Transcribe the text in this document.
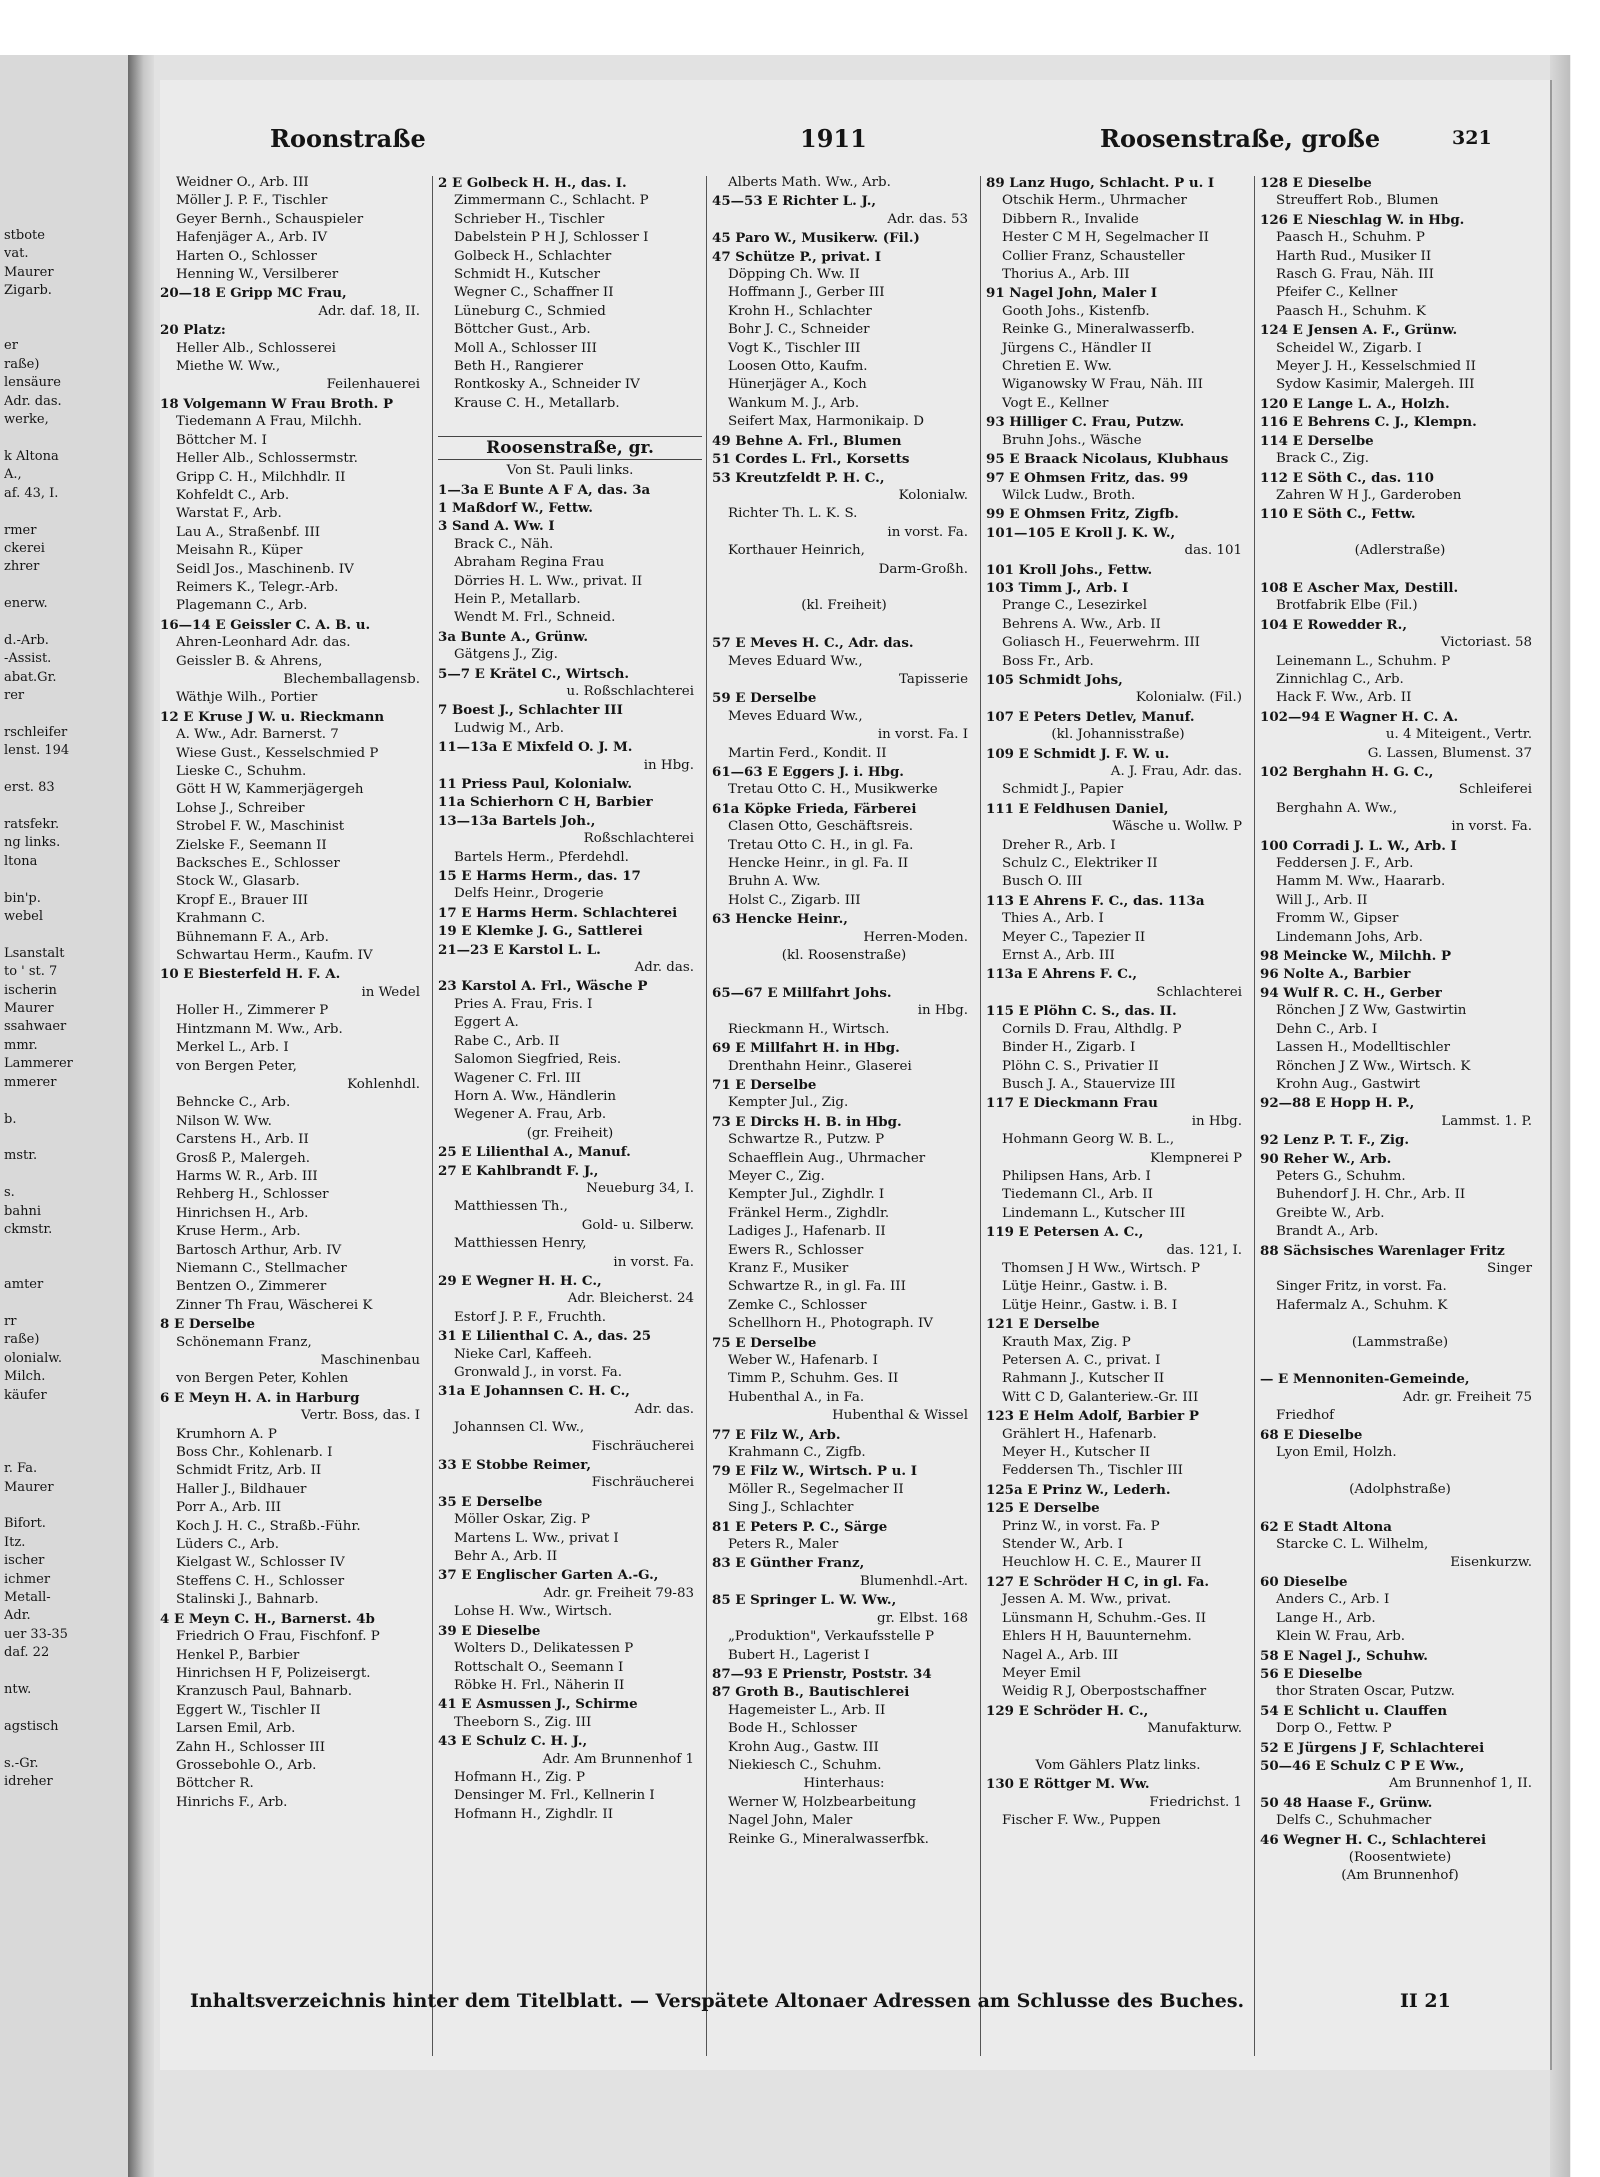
stbote
vat.
Maurer
Zigarb.

er
raße)
lensäure
Adr. das.
werke,

k Altona
A.,
af. 43, I.

rmer
ckerei
zhrer

enerw.

d.-Arb.
-Assist.
abat.Gr.
rer

rschleifer
lenst. 194

erst. 83

ratsfekr.
ng links.
ltona

bin'p.
webel

Lsanstalt
to ' st. 7
ischerin
Maurer
ssahwaer
mmr.
Lammerer
mmerer

b.

mstr.

s.
bahni
ckmstr.

amter

rr
raße)
olonialw.
Milch.
käufer

r. Fa.
Maurer

Bifort.
Itz.
ischer
ichmer
Metall-
Adr.
uer 33-35
daf. 22

ntw.

agstisch

s.-Gr.
idreher

Roonstraße	1911	Roosenstraße, große	321
Weidner O., Arb. III
Möller J. P. F., Tischler
Geyer Bernh., Schauspieler
Hafenjäger A., Arb. IV
Harten O., Schlosser
Henning W., Versilberer
20—18 E Gripp MC Frau,
Adr. daf. 18, II.
20 Platz:
Heller Alb., Schlosserei
Miethe W. Ww.,
Feilenhauerei
18 Volgemann W Frau Broth. P
Tiedemann A Frau, Milchh.
Böttcher M. I
Heller Alb., Schlossermstr.
Gripp C. H., Milchhdlr. II
Kohfeldt C., Arb.
Warstat F., Arb.
Lau A., Straßenbf. III
Meisahn R., Küper
Seidl Jos., Maschinenb. IV
Reimers K., Telegr.-Arb.
Plagemann C., Arb.
16—14 E Geissler C. A. B. u.
Ahren-Leonhard Adr. das.
Geissler B. & Ahrens,
Blechemballagensb.
Wäthje Wilh., Portier
12 E Kruse J W. u. Rieckmann
A. Ww., Adr. Barnerst. 7
Wiese Gust., Kesselschmied P
Lieske C., Schuhm.
Gött H W, Kammerjägergeh
Lohse J., Schreiber
Strobel F. W., Maschinist
Zielske F., Seemann II
Backsches E., Schlosser
Stock W., Glasarb.
Kropf E., Brauer III
Krahmann C.
Bühnemann F. A., Arb.
Schwartau Herm., Kaufm. IV
10 E Biesterfeld H. F. A.
in Wedel
Holler H., Zimmerer P
Hintzmann M. Ww., Arb.
Merkel L., Arb. I
von Bergen Peter,
Kohlenhdl.
Behncke C., Arb.
Nilson W. Ww.
Carstens H., Arb. II
Grosß P., Malergeh.
Harms W. R., Arb. III
Rehberg H., Schlosser
Hinrichsen H., Arb.
Kruse Herm., Arb.
Bartosch Arthur, Arb. IV
Niemann C., Stellmacher
Bentzen O., Zimmerer
Zinner Th Frau, Wäscherei K
8 E Derselbe
Schönemann Franz,
Maschinenbau
von Bergen Peter, Kohlen
6 E Meyn H. A. in Harburg
Vertr. Boss, das. I
Krumhorn A. P
Boss Chr., Kohlenarb. I
Schmidt Fritz, Arb. II
Haller J., Bildhauer
Porr A., Arb. III
Koch J. H. C., Straßb.-Führ.
Lüders C., Arb.
Kielgast W., Schlosser IV
Steffens C. H., Schlosser
Stalinski J., Bahnarb.
4 E Meyn C. H., Barnerst. 4b
Friedrich O Frau, Fischfonf. P
Henkel P., Barbier
Hinrichsen H F, Polizeisergt.
Kranzusch Paul, Bahnarb.
Eggert W., Tischler II
Larsen Emil, Arb.
Zahn H., Schlosser III
Grossebohle O., Arb.
Böttcher R.
Hinrichs F., Arb.
2 E Golbeck H. H., das. I.
Zimmermann C., Schlacht. P
Schrieber H., Tischler
Dabelstein P H J, Schlosser I
Golbeck H., Schlachter
Schmidt H., Kutscher
Wegner C., Schaffner II
Lüneburg C., Schmied
Böttcher Gust., Arb.
Moll A., Schlosser III
Beth H., Rangierer
Rontkosky A., Schneider IV
Krause C. H., Metallarb.

Roosenstraße, gr.
Von St. Pauli links.
1—3a E Bunte A F A, das. 3a
1 Maßdorf W., Fettw.
3 Sand A. Ww. I
Brack C., Näh.
Abraham Regina Frau
Dörries H. L. Ww., privat. II
Hein P., Metallarb.
Wendt M. Frl., Schneid.
3a Bunte A., Grünw.
Gätgens J., Zig.
5—7 E Krätel C., Wirtsch.
u. Roßschlachterei
7 Boest J., Schlachter III
Ludwig M., Arb.
11—13a E Mixfeld O. J. M.
in Hbg.
11 Priess Paul, Kolonialw.
11a Schierhorn C H, Barbier
13—13a Bartels Joh.,
Roßschlachterei
Bartels Herm., Pferdehdl.
15 E Harms Herm., das. 17
Delfs Heinr., Drogerie
17 E Harms Herm. Schlachterei
19 E Klemke J. G., Sattlerei
21—23 E Karstol L. L.
Adr. das.
23 Karstol A. Frl., Wäsche P
Pries A. Frau, Fris. I
Eggert A.
Rabe C., Arb. II
Salomon Siegfried, Reis.
Wagener C. Frl. III
Horn A. Ww., Händlerin
Wegener A. Frau, Arb.
(gr. Freiheit)
25 E Lilienthal A., Manuf.
27 E Kahlbrandt F. J.,
Neueburg 34, I.
Matthiessen Th.,
Gold- u. Silberw.
Matthiessen Henry,
in vorst. Fa.
29 E Wegner H. H. C.,
Adr. Bleicherst. 24
Estorf J. P. F., Fruchth.
31 E Lilienthal C. A., das. 25
Nieke Carl, Kaffeeh.
Gronwald J., in vorst. Fa.
31a E Johannsen C. H. C.,
Adr. das.
Johannsen Cl. Ww.,
Fischräucherei
33 E Stobbe Reimer,
Fischräucherei
35 E Derselbe
Möller Oskar, Zig. P
Martens L. Ww., privat I
Behr A., Arb. II
37 E Englischer Garten A.-G.,
Adr. gr. Freiheit 79-83
Lohse H. Ww., Wirtsch.
39 E Dieselbe
Wolters D., Delikatessen P
Rottschalt O., Seemann I
Röbke H. Frl., Näherin II
41 E Asmussen J., Schirme
Theeborn S., Zig. III
43 E Schulz C. H. J.,
Adr. Am Brunnenhof 1
Hofmann H., Zig. P
Densinger M. Frl., Kellnerin I
Hofmann H., Zighdlr. II
Alberts Math. Ww., Arb.
45—53 E Richter L. J.,
Adr. das. 53
45 Paro W., Musikerw. (Fil.)
47 Schütze P., privat. I
Döpping Ch. Ww. II
Hoffmann J., Gerber III
Krohn H., Schlachter
Bohr J. C., Schneider
Vogt K., Tischler III
Loosen Otto, Kaufm.
Hünerjäger A., Koch
Wankum M. J., Arb.
Seifert Max, Harmonikaip. D
49 Behne A. Frl., Blumen
51 Cordes L. Frl., Korsetts
53 Kreutzfeldt P. H. C.,
Kolonialw.
Richter Th. L. K. S.
in vorst. Fa.
Korthauer Heinrich,
Darm-Großh.

(kl. Freiheit)

57 E Meves H. C., Adr. das.
Meves Eduard Ww.,
Tapisserie
59 E Derselbe
Meves Eduard Ww.,
in vorst. Fa. I
Martin Ferd., Kondit. II
61—63 E Eggers J. i. Hbg.
Tretau Otto C. H., Musikwerke
61a Köpke Frieda, Färberei
Clasen Otto, Geschäftsreis.
Tretau Otto C. H., in gl. Fa.
Hencke Heinr., in gl. Fa. II
Bruhn A. Ww.
Holst C., Zigarb. III
63 Hencke Heinr.,
Herren-Moden.
(kl. Roosenstraße)

65—67 E Millfahrt Johs.
in Hbg.
Rieckmann H., Wirtsch.
69 E Millfahrt H. in Hbg.
Drenthahn Heinr., Glaserei
71 E Derselbe
Kempter Jul., Zig.
73 E Dircks H. B. in Hbg.
Schwartze R., Putzw. P
Schaefflein Aug., Uhrmacher
Meyer C., Zig.
Kempter Jul., Zighdlr. I
Fränkel Herm., Zighdlr.
Ladiges J., Hafenarb. II
Ewers R., Schlosser
Kranz F., Musiker
Schwartze R., in gl. Fa. III
Zemke C., Schlosser
Schellhorn H., Photograph. IV
75 E Derselbe
Weber W., Hafenarb. I
Timm P., Schuhm. Ges. II
Hubenthal A., in Fa.
Hubenthal & Wissel
77 E Filz W., Arb.
Krahmann C., Zigfb.
79 E Filz W., Wirtsch. P u. I
Möller R., Segelmacher II
Sing J., Schlachter
81 E Peters P. C., Särge
Peters R., Maler
83 E Günther Franz,
Blumenhdl.-Art.
85 E Springer L. W. Ww.,
gr. Elbst. 168
„Produktion", Verkaufsstelle P
Bubert H., Lagerist I
87—93 E Prienstr, Poststr. 34
87 Groth B., Bautischlerei
Hagemeister L., Arb. II
Bode H., Schlosser
Krohn Aug., Gastw. III
Niekiesch C., Schuhm.
Hinterhaus:
Werner W, Holzbearbeitung
Nagel John, Maler
Reinke G., Mineralwasserfbk.
89 Lanz Hugo, Schlacht. P u. I
Otschik Herm., Uhrmacher
Dibbern R., Invalide
Hester C M H, Segelmacher II
Collier Franz, Schausteller
Thorius A., Arb. III
91 Nagel John, Maler I
Gooth Johs., Kistenfb.
Reinke G., Mineralwasserfb.
Jürgens C., Händler II
Chretien E. Ww.
Wiganowsky W Frau, Näh. III
Vogt E., Kellner
93 Hilliger C. Frau, Putzw.
Bruhn Johs., Wäsche
95 E Braack Nicolaus, Klubhaus
97 E Ohmsen Fritz, das. 99
Wilck Ludw., Broth.
99 E Ohmsen Fritz, Zigfb.
101—105 E Kroll J. K. W.,
das. 101
101 Kroll Johs., Fettw.
103 Timm J., Arb. I
Prange C., Lesezirkel
Behrens A. Ww., Arb. II
Goliasch H., Feuerwehrm. III
Boss Fr., Arb.
105 Schmidt Johs,
Kolonialw. (Fil.)
107 E Peters Detlev, Manuf.
(kl. Johannisstraße)
109 E Schmidt J. F. W. u.
A. J. Frau, Adr. das.
Schmidt J., Papier
111 E Feldhusen Daniel,
Wäsche u. Wollw. P
Dreher R., Arb. I
Schulz C., Elektriker II
Busch O. III
113 E Ahrens F. C., das. 113a
Thies A., Arb. I
Meyer C., Tapezier II
Ernst A., Arb. III
113a E Ahrens F. C.,
Schlachterei
115 E Plöhn C. S., das. II.
Cornils D. Frau, Althdlg. P
Binder H., Zigarb. I
Plöhn C. S., Privatier II
Busch J. A., Stauervize III
117 E Dieckmann Frau
in Hbg.
Hohmann Georg W. B. L.,
Klempnerei P
Philipsen Hans, Arb. I
Tiedemann Cl., Arb. II
Lindemann L., Kutscher III
119 E Petersen A. C.,
das. 121, I.
Thomsen J H Ww., Wirtsch. P
Lütje Heinr., Gastw. i. B.
Lütje Heinr., Gastw. i. B. I
121 E Derselbe
Krauth Max, Zig. P
Petersen A. C., privat. I
Rahmann J., Kutscher II
Witt C D, Galanteriew.-Gr. III
123 E Helm Adolf, Barbier P
Grählert H., Hafenarb.
Meyer H., Kutscher II
Feddersen Th., Tischler III
125a E Prinz W., Lederh.
125 E Derselbe
Prinz W., in vorst. Fa. P
Stender W., Arb. I
Heuchlow H. C. E., Maurer II
127 E Schröder H C, in gl. Fa.
Jessen A. M. Ww., privat.
Lünsmann H, Schuhm.-Ges. II
Ehlers H H, Bauunternehm.
Nagel A., Arb. III
Meyer Emil
Weidig R J, Oberpostschaffner
129 E Schröder H. C.,
Manufakturw.

Vom Gählers Platz links.
130 E Röttger M. Ww.
Friedrichst. 1
Fischer F. Ww., Puppen
128 E Dieselbe
Streuffert Rob., Blumen
126 E Nieschlag W. in Hbg.
Paasch H., Schuhm. P
Harth Rud., Musiker II
Rasch G. Frau, Näh. III
Pfeifer C., Kellner
Paasch H., Schuhm. K
124 E Jensen A. F., Grünw.
Scheidel W., Zigarb. I
Meyer J. H., Kesselschmied II
Sydow Kasimir, Malergeh. III
120 E Lange L. A., Holzh.
116 E Behrens C. J., Klempn.
114 E Derselbe
Brack C., Zig.
112 E Söth C., das. 110
Zahren W H J., Garderoben
110 E Söth C., Fettw.

(Adlerstraße)

108 E Ascher Max, Destill.
Brotfabrik Elbe (Fil.)
104 E Rowedder R.,
Victoriast. 58
Leinemann L., Schuhm. P
Zinnichlag C., Arb.
Hack F. Ww., Arb. II
102—94 E Wagner H. C. A.
u. 4 Miteigent., Vertr.
G. Lassen, Blumenst. 37
102 Berghahn H. G. C.,
Schleiferei
Berghahn A. Ww.,
in vorst. Fa.
100 Corradi J. L. W., Arb. I
Feddersen J. F., Arb.
Hamm M. Ww., Haararb.
Will J., Arb. II
Fromm W., Gipser
Lindemann Johs, Arb.
98 Meincke W., Milchh. P
96 Nolte A., Barbier
94 Wulf R. C. H., Gerber
Rönchen J Z Ww, Gastwirtin
Dehn C., Arb. I
Lassen H., Modelltischler
Rönchen J Z Ww., Wirtsch. K
Krohn Aug., Gastwirt
92—88 E Hopp H. P.,
Lammst. 1. P.
92 Lenz P. T. F., Zig.
90 Reher W., Arb.
Peters G., Schuhm.
Buhendorf J. H. Chr., Arb. II
Greibte W., Arb.
Brandt A., Arb.
88 Sächsisches Warenlager Fritz
Singer
Singer Fritz, in vorst. Fa.
Hafermalz A., Schuhm. K

(Lammstraße)

— E Mennoniten-Gemeinde,
Adr. gr. Freiheit 75
Friedhof
68 E Dieselbe
Lyon Emil, Holzh.

(Adolphstraße)

62 E Stadt Altona
Starcke C. L. Wilhelm,
Eisenkurzw.
60 Dieselbe
Anders C., Arb. I
Lange H., Arb.
Klein W. Frau, Arb.
58 E Nagel J., Schuhw.
56 E Dieselbe
thor Straten Oscar, Putzw.
54 E Schlicht u. Clauffen
Dorp O., Fettw. P
52 E Jürgens J F, Schlachterei
50—46 E Schulz C P E Ww.,
Am Brunnenhof 1, II.
50 48 Haase F., Grünw.
Delfs C., Schuhmacher
46 Wegner H. C., Schlachterei
(Roosentwiete)
(Am Brunnenhof)
Inhaltsverzeichnis hinter dem Titelblatt. — Verspätete Altonaer Adressen am Schlusse des Buches.	II 21
